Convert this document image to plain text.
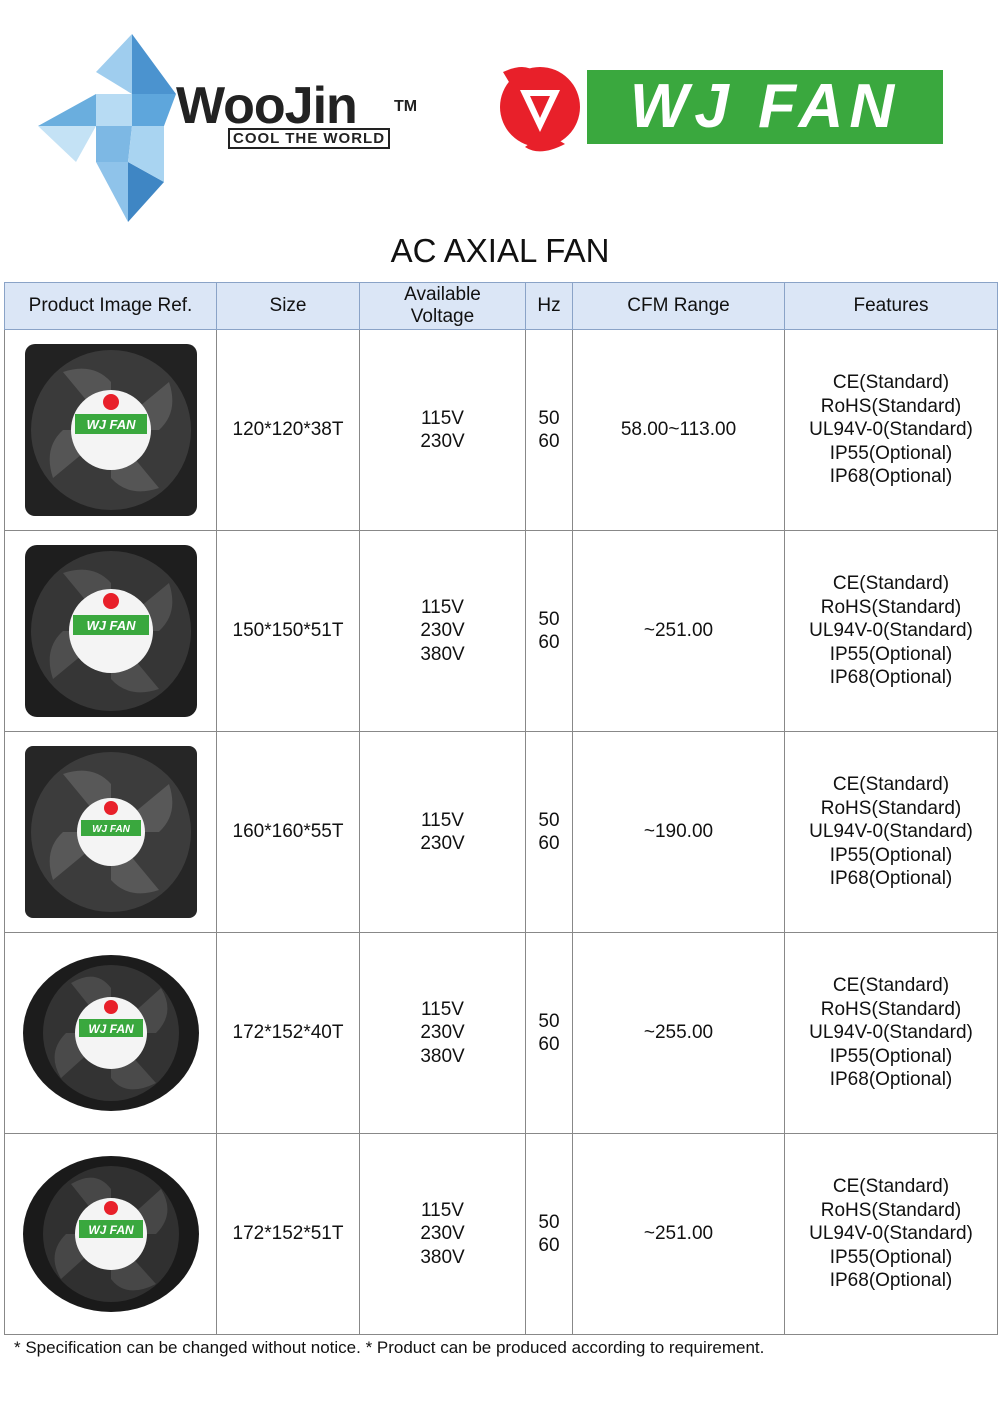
WooJin TM
COOL THE WORLD	WJ FAN
AC AXIAL FAN
Product Image Ref.	Size	Available
Voltage	Hz	CFM Range	Features

WJ FAN	120*120*38T	115V
230V	50
60	58.00~113.00	CE(Standard)
RoHS(Standard)
UL94V-0(Standard)
IP55(Optional)
IP68(Optional)

WJ FAN	150*150*51T	115V
230V
380V	50
60	~251.00	CE(Standard)
RoHS(Standard)
UL94V-0(Standard)
IP55(Optional)
IP68(Optional)

WJ FAN	160*160*55T	115V
230V	50
60	~190.00	CE(Standard)
RoHS(Standard)
UL94V-0(Standard)
IP55(Optional)
IP68(Optional)

WJ FAN	172*152*40T	115V
230V
380V	50
60	~255.00	CE(Standard)
RoHS(Standard)
UL94V-0(Standard)
IP55(Optional)
IP68(Optional)

WJ FAN	172*152*51T	115V
230V
380V	50
60	~251.00	CE(Standard)
RoHS(Standard)
UL94V-0(Standard)
IP55(Optional)
IP68(Optional)
* Specification can be changed without notice. * Product can be produced according to requirement.
